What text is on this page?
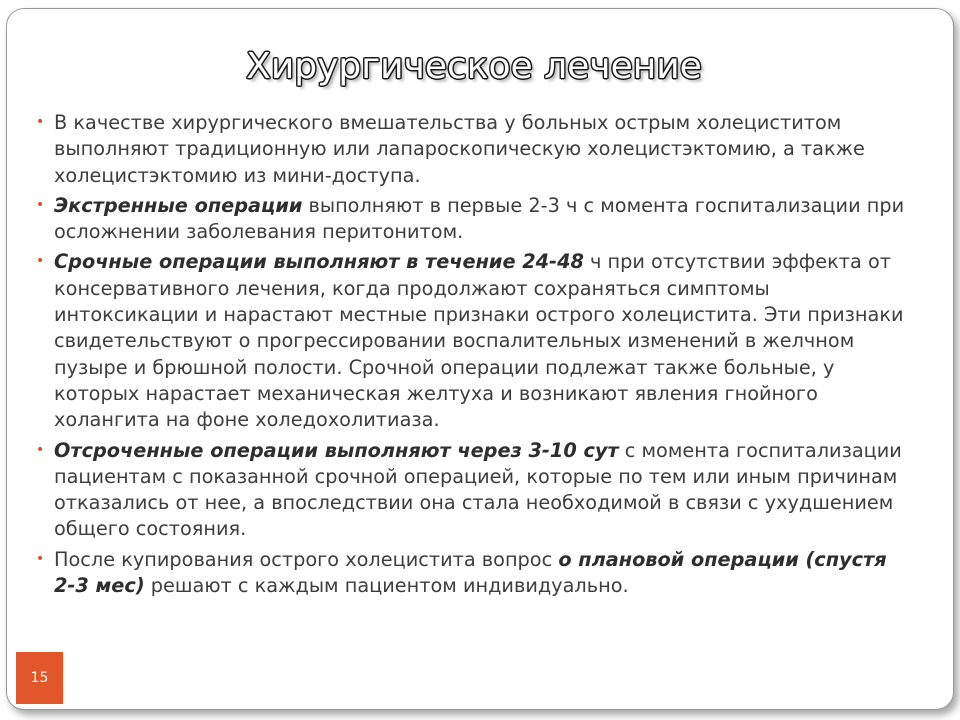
Хирургическое лечение
• В качестве хирургического вмешательства у больных острым холециститом выполняют традиционную или лапароскопическую холецистэктомию, а также холецистэктомию из мини-доступа.
• Экстренные операции выполняют в первые 2-3 ч с момента госпитализации при осложнении заболевания перитонитом.
• Срочные операции выполняют в течение 24-48 ч при отсутствии эффекта от консервативного лечения, когда продолжают сохраняться симптомы интоксикации и нарастают местные признаки острого холецистита. Эти признаки свидетельствуют о прогрессировании воспалительных изменений в желчном пузыре и брюшной полости. Срочной операции подлежат также больные, у которых нарастает механическая желтуха и возникают явления гнойного холангита на фоне холедохолитиаза.
• Отсроченные операции выполняют через 3-10 сут с момента госпитализации пациентам с показанной срочной операцией, которые по тем или иным причинам отказались от нее, а впоследствии она стала необходимой в связи с ухудшением общего состояния.
• После купирования острого холецистита вопрос о плановой операции (спустя 2-3 мес) решают с каждым пациентом индивидуально.
15
